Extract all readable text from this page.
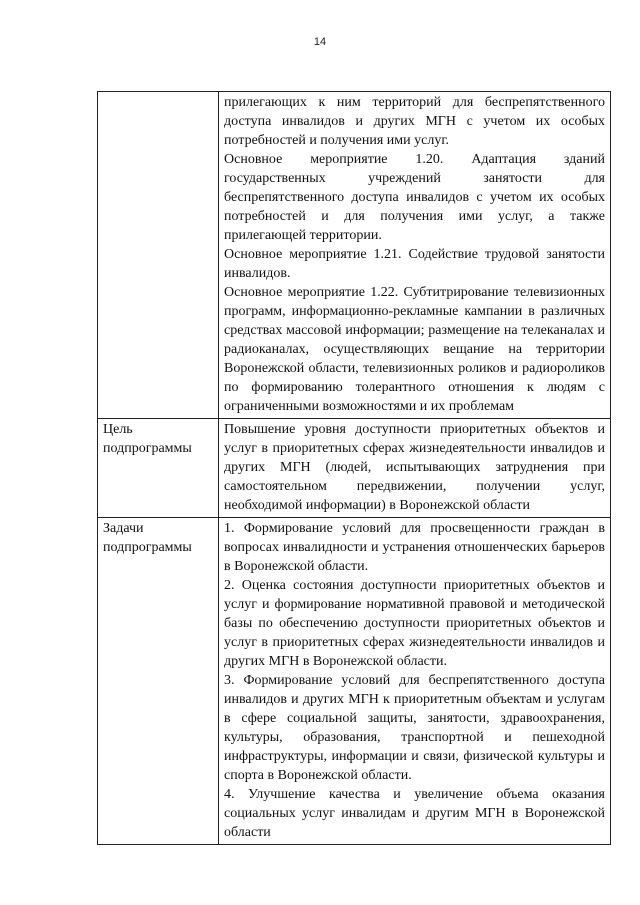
14

	прилегающих к ним территорий для беспрепятственного доступа инвалидов и других МГН с учетом их особых потребностей и получения ими услуг.

Основное мероприятие 1.20. Адаптация зданий государственных учреждений занятости для беспрепятственного доступа инвалидов с учетом их особых потребностей и для получения ими услуг, а также прилегающей территории.

Основное мероприятие 1.21. Содействие трудовой занятости инвалидов.

Основное мероприятие 1.22. Субтитрирование телевизионных программ, информационно-рекламные кампании в различных средствах массовой информации; размещение на телеканалах и радиоканалах, осуществляющих вещание на территории Воронежской области, телевизионных роликов и радиороликов по формированию толерантного отношения к людям с ограниченными возможностями и их проблемам

Цель подпрограммы	Повышение уровня доступности приоритетных объектов и услуг в приоритетных сферах жизнедеятельности инвалидов и других МГН (людей, испытывающих затруднения при самостоятельном передвижении, получении услуг, необходимой информации) в Воронежской области

Задачи подпрограммы	1. Формирование условий для просвещенности граждан в вопросах инвалидности и устранения отношенческих барьеров в Воронежской области.

2. Оценка состояния доступности приоритетных объектов и услуг и формирование нормативной правовой и методической базы по обеспечению доступности приоритетных объектов и услуг в приоритетных сферах жизнедеятельности инвалидов и других МГН в Воронежской области.

3. Формирование условий для беспрепятственного доступа инвалидов и других МГН к приоритетным объектам и услугам в сфере социальной защиты, занятости, здравоохранения, культуры, образования, транспортной и пешеходной инфраструктуры, информации и связи, физической культуры и спорта в Воронежской области.

4. Улучшение качества и увеличение объема оказания социальных услуг инвалидам и другим МГН в Воронежской области
